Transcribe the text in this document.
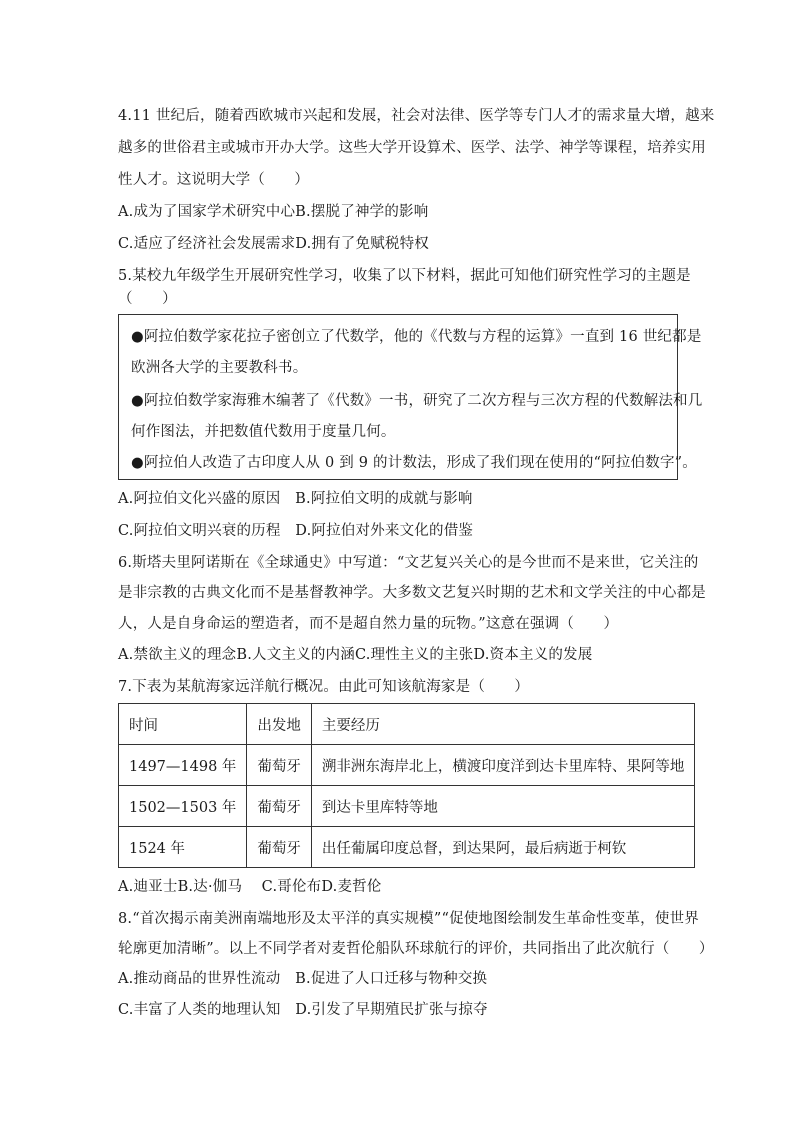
4.11 世纪后，随着西欧城市兴起和发展，社会对法律、医学等专门人才的需求量大增，越来
越多的世俗君主或城市开办大学。这些大学开设算术、医学、法学、神学等课程，培养实用
性人才。这说明大学（　　）
A.成为了国家学术研究中心B.摆脱了神学的影响
C.适应了经济社会发展需求D.拥有了免赋税特权
5.某校九年级学生开展研究性学习，收集了以下材料，据此可知他们研究性学习的主题是
（　　）
●阿拉伯数学家花拉子密创立了代数学，他的《代数与方程的运算》一直到 16 世纪都是
欧洲各大学的主要教科书。
●阿拉伯数学家海雅木编著了《代数》一书，研究了二次方程与三次方程的代数解法和几
何作图法，并把数值代数用于度量几何。
●阿拉伯人改造了古印度人从 0 到 9 的计数法，形成了我们现在使用的“阿拉伯数字”。
A.阿拉伯文化兴盛的原因　B.阿拉伯文明的成就与影响
C.阿拉伯文明兴衰的历程　D.阿拉伯对外来文化的借鉴
6.斯塔夫里阿诺斯在《全球通史》中写道：“文艺复兴关心的是今世而不是来世，它关注的
是非宗教的古典文化而不是基督教神学。大多数文艺复兴时期的艺术和文学关注的中心都是
人，人是自身命运的塑造者，而不是超自然力量的玩物。”这意在强调（　　）
A.禁欲主义的理念B.人文主义的内涵C.理性主义的主张D.资本主义的发展
7.下表为某航海家远洋航行概况。由此可知该航海家是（　　）
时间	出发地	主要经历
1497—1498 年	葡萄牙	溯非洲东海岸北上，横渡印度洋到达卡里库特、果阿等地
1502—1503 年	葡萄牙	到达卡里库特等地
1524 年	葡萄牙	出任葡属印度总督，到达果阿，最后病逝于柯钦
A.迪亚士B.达·伽马　 C.哥伦布D.麦哲伦
8.“首次揭示南美洲南端地形及太平洋的真实规模”“促使地图绘制发生革命性变革，使世界
轮廓更加清晰”。以上不同学者对麦哲伦船队环球航行的评价，共同指出了此次航行（　　）
A.推动商品的世界性流动　B.促进了人口迁移与物种交换
C.丰富了人类的地理认知　D.引发了早期殖民扩张与掠夺
